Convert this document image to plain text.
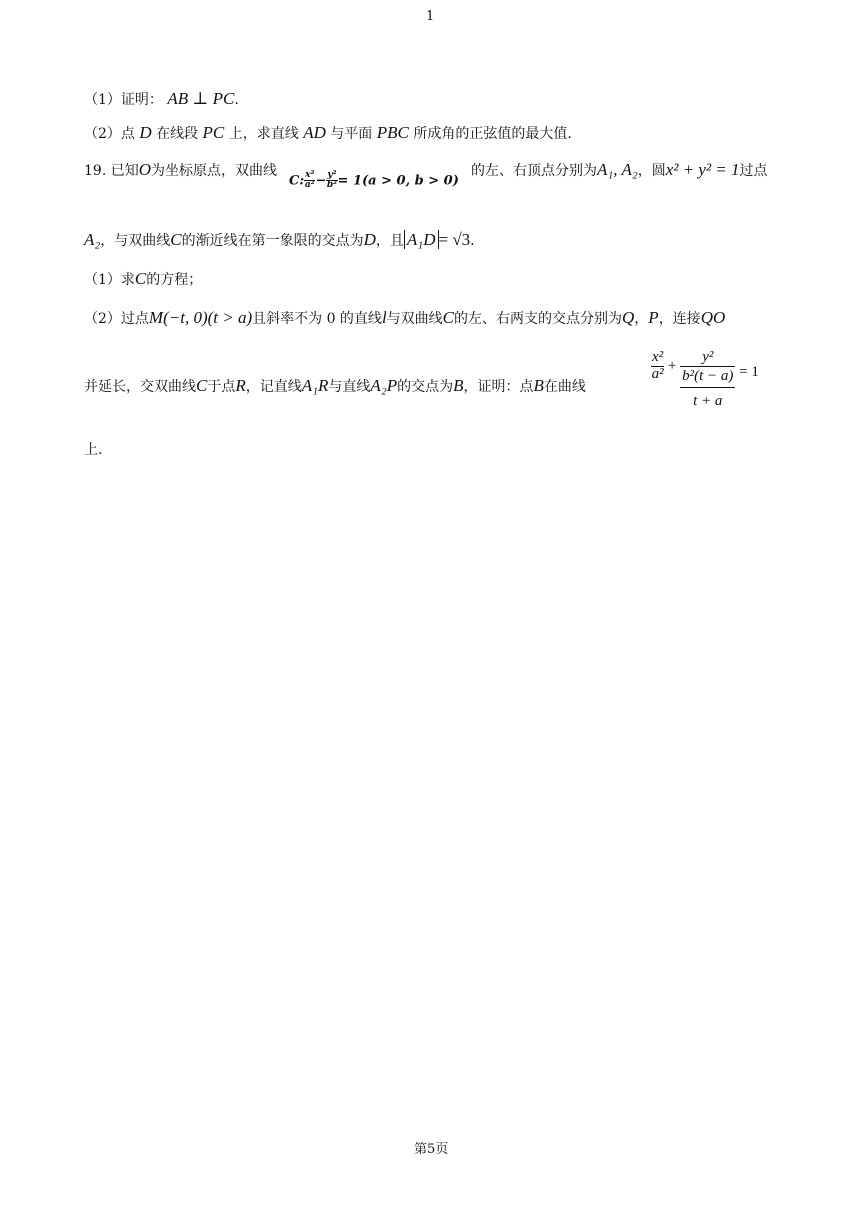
1
（1）证明： AB ⊥ PC.
（2）点 D 在线段 PC 上，求直线 AD 与平面 PBC 所成角的正弦值的最大值.
19. 已知O为坐标原点，双曲线
C: $\frac{\text{x²}}{\text{a²}} - \frac{\text{y²}}{\text{b²}} = 1(a > 0$, b > 0)
的左、右顶点分别为A₁, A₂，圆x² + y² = 1过点
A₂，与双曲线C的渐近线在第一象限的交点为D，且 A₁D = √3.
（1）求C的方程；
（2）过点M(−t, 0)(t > a)且斜率不为 0 的直线l与双曲线C的左、右两支的交点分别为Q，P，连接QO
并延长，交双曲线C于点R，记直线A₁R与直线A₂P的交点为B，证明：点B在曲线
$\frac{\text{x²}}{\text{a²}}$ +
y²
b²(t − a)
t + a
= 1
上.
第5页
